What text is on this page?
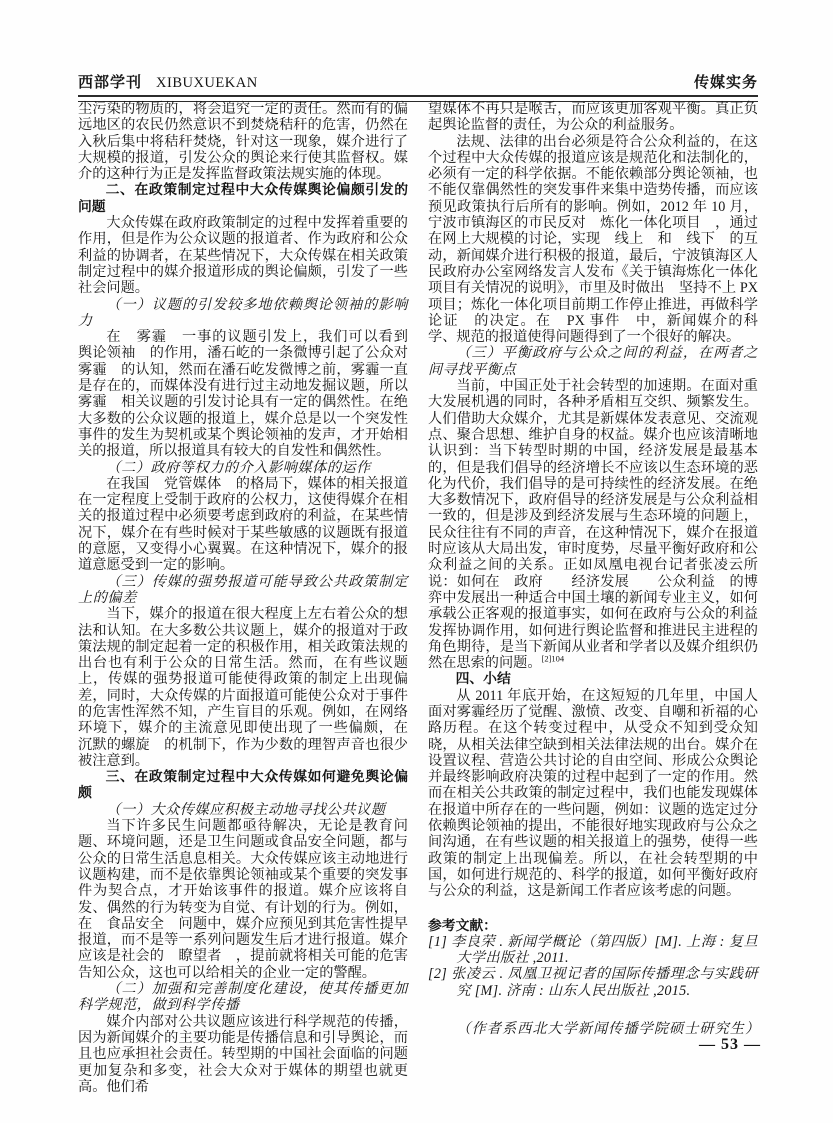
西部学刊 XIBUXUEKAN	传媒实务

尘污染的物质的，将会追究一定的责任。然而有的偏远地区的农民仍然意识不到焚烧秸秆的危害，仍然在入秋后集中将秸秆焚烧，针对这一现象，媒介进行了大规模的报道，引发公众的舆论来行使其监督权。媒介的这种行为正是发挥监督政策法规实施的体现。

二、在政策制定过程中大众传媒舆论偏颇引发的问题

大众传媒在政府政策制定的过程中发挥着重要的作用，但是作为公众议题的报道者、作为政府和公众利益的协调者，在某些情况下，大众传媒在相关政策制定过程中的媒介报道形成的舆论偏颇，引发了一些社会问题。

（一）议题的引发较多地依赖舆论领袖的影响力

在　雾霾　一事的议题引发上，我们可以看到　舆论领袖　的作用，潘石屹的一条微博引起了公众对　雾霾　的认知，然而在潘石屹发微博之前，雾霾一直是存在的，而媒体没有进行过主动地发掘议题，所以　雾霾　相关议题的引发讨论具有一定的偶然性。在绝大多数的公众议题的报道上，媒介总是以一个突发性事件的发生为契机或某个舆论领袖的发声，才开始相关的报道，所以报道具有较大的自发性和偶然性。

（二）政府等权力的介入影响媒体的运作

在我国　党管媒体　的格局下，媒体的相关报道在一定程度上受制于政府的公权力，这使得媒介在相关的报道过程中必须要考虑到政府的利益，在某些情况下，媒介在有些时候对于某些敏感的议题既有报道的意愿，又变得小心翼翼。在这种情况下，媒介的报道意愿受到一定的影响。

（三）传媒的强势报道可能导致公共政策制定上的偏差

当下，媒介的报道在很大程度上左右着公众的想法和认知。在大多数公共议题上，媒介的报道对于政策法规的制定起着一定的积极作用，相关政策法规的出台也有利于公众的日常生活。然而，在有些议题上，传媒的强势报道可能使得政策的制定上出现偏差，同时，大众传媒的片面报道可能使公众对于事件的危害性浑然不知，产生盲目的乐观。例如，在网络环境下，媒介的主流意见即使出现了一些偏颇，在　沉默的螺旋　的机制下，作为少数的理智声音也很少被注意到。

三、在政策制定过程中大众传媒如何避免舆论偏颇

（一）大众传媒应积极主动地寻找公共议题

当下许多民生问题都亟待解决，无论是教育问题、环境问题，还是卫生问题或食品安全问题，都与公众的日常生活息息相关。大众传媒应该主动地进行议题构建，而不是依靠舆论领袖或某个重要的突发事件为契合点，才开始该事件的报道。媒介应该将自发、偶然的行为转变为自觉、有计划的行为。例如，在　食品安全　问题中，媒介应预见到其危害性提早报道，而不是等一系列问题发生后才进行报道。媒介应该是社会的　瞭望者　，提前就将相关可能的危害告知公众，这也可以给相关的企业一定的警醒。

（二）加强和完善制度化建设，使其传播更加科学规范，做到科学传播

媒介内部对公共议题应该进行科学规范的传播，因为新闻媒介的主要功能是传播信息和引导舆论，而且也应承担社会责任。转型期的中国社会面临的问题更加复杂和多变，社会大众对于媒体的期望也就更高。他们希

望媒体不再只是喉舌，而应该更加客观平衡。真正负起舆论监督的责任，为公众的利益服务。

法规、法律的出台必须是符合公众利益的，在这个过程中大众传媒的报道应该是规范化和法制化的，必须有一定的科学依据。不能依赖部分舆论领袖，也不能仅靠偶然性的突发事件来集中造势传播，而应该预见政策执行后所有的影响。例如，2012 年 10 月，宁波市镇海区的市民反对　炼化一体化项目　，通过在网上大规模的讨论，实现　线上　和　线下　的互动，新闻媒介进行积极的报道，最后，宁波镇海区人民政府办公室网络发言人发布《关于镇海炼化一体化项目有关情况的说明》，市里及时做出　坚持不上 PX 项目；炼化一体化项目前期工作停止推进，再做科学论证　的决定。在　PX 事件　中，新闻媒介的科学、规范的报道使得问题得到了一个很好的解决。

（三）平衡政府与公众之间的利益，在两者之间寻找平衡点

当前，中国正处于社会转型的加速期。在面对重大发展机遇的同时，各种矛盾相互交织、频繁发生。人们借助大众媒介，尤其是新媒体发表意见、交流观点、聚合思想、维护自身的权益。媒介也应该清晰地认识到：当下转型时期的中国，经济发展是最基本的，但是我们倡导的经济增长不应该以生态环境的恶化为代价，我们倡导的是可持续性的经济发展。在绝大多数情况下，政府倡导的经济发展是与公众利益相一致的，但是涉及到经济发展与生态环境的问题上，民众往往有不同的声音，在这种情况下，媒介在报道时应该从大局出发，审时度势，尽量平衡好政府和公众利益之间的关系。正如凤凰电视台记者张凌云所说：如何在　政府　　经济发展　　公众利益　的博弈中发展出一种适合中国土壤的新闻专业主义，如何承载公正客观的报道事实，如何在政府与公众的利益发挥协调作用，如何进行舆论监督和推进民主进程的角色期待，是当下新闻从业者和学者以及媒介组织仍然在思索的问题。$^{[2]104}$

四、小结

从 2011 年底开始，在这短短的几年里，中国人面对雾霾经历了觉醒、激愤、改变、自嘲和祈福的心路历程。在这个转变过程中，从受众不知到受众知晓，从相关法律空缺到相关法律法规的出台。媒介在设置议程、营造公共讨论的自由空间、形成公众舆论并最终影响政府决策的过程中起到了一定的作用。然而在相关公共政策的制定过程中，我们也能发现媒体在报道中所存在的一些问题，例如：议题的选定过分依赖舆论领袖的提出，不能很好地实现政府与公众之间沟通，在有些议题的相关报道上的强势，使得一些政策的制定上出现偏差。所以，在社会转型期的中国，如何进行规范的、科学的报道，如何平衡好政府与公众的利益，这是新闻工作者应该考虑的问题。

参考文献：

[1] 李良荣 . 新闻学概论（第四版）[M]. 上海 : 复旦大学出版社 ,2011.

[2] 张凌云 . 凤凰卫视记者的国际传播理念与实践研究 [M]. 济南 : 山东人民出版社 ,2015.

（作者系西北大学新闻传播学院硕士研究生）

— 53 —
